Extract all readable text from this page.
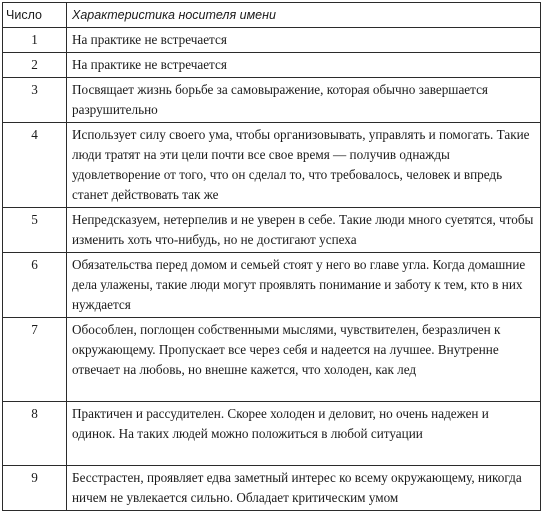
Число	Характеристика носителя имени
1	На практике не встречается
2	На практике не встречается
3	Посвящает жизнь борьбе за самовыражение, которая обычно завершается разрушительно
4	Использует силу своего ума, чтобы организовывать, управлять и помогать. Такие люди тратят на эти цели почти все свое время — получив однажды удовлетворение от того, что он сделал то, что требовалось, человек и впредь станет действовать так же
5	Непредсказуем, нетерпелив и не уверен в себе. Такие люди много суетятся, чтобы изменить хоть что-нибудь, но не достигают успеха
6	Обязательства перед домом и семьей стоят у него во главе угла. Когда домашние дела улажены, такие люди могут проявлять понимание и заботу к тем, кто в них нуждается
7	Обособлен, поглощен собственными мыслями, чувствителен, безразличен к окружающему. Пропускает все через себя и надеется на лучшее. Внутренне отвечает на любовь, но внешне кажется, что холоден, как лед
8	Практичен и рассудителен. Скорее холоден и деловит, но очень надежен и одинок. На таких людей можно положиться в любой ситуации
9	Бесстрастен, проявляет едва заметный интерес ко всему окружающему, никогда ничем не увлекается сильно. Обладает критическим умом
